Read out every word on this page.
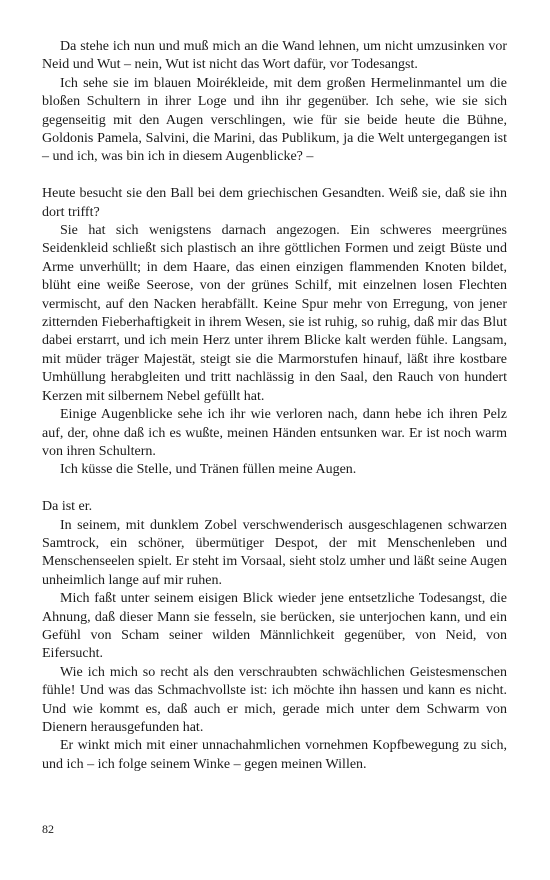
Da stehe ich nun und muß mich an die Wand lehnen, um nicht umzusinken vor Neid und Wut – nein, Wut ist nicht das Wort dafür, vor Todesangst.

Ich sehe sie im blauen Moirékleide, mit dem großen Hermelinmantel um die bloßen Schultern in ihrer Loge und ihn ihr gegenüber. Ich sehe, wie sie sich gegenseitig mit den Augen verschlingen, wie für sie beide heute die Bühne, Goldonis Pamela, Salvini, die Marini, das Publikum, ja die Welt untergegangen ist – und ich, was bin ich in diesem Augenblicke? –

Heute besucht sie den Ball bei dem griechischen Gesandten. Weiß sie, daß sie ihn dort trifft?

Sie hat sich wenigstens darnach angezogen. Ein schweres meergrünes Seidenkleid schließt sich plastisch an ihre göttlichen Formen und zeigt Büste und Arme unverhüllt; in dem Haare, das einen einzigen flammenden Knoten bildet, blüht eine weiße Seerose, von der grünes Schilf, mit einzelnen losen Flechten vermischt, auf den Nacken herabfällt. Keine Spur mehr von Erregung, von jener zitternden Fieberhaftigkeit in ihrem Wesen, sie ist ruhig, so ruhig, daß mir das Blut dabei erstarrt, und ich mein Herz unter ihrem Blicke kalt werden fühle. Langsam, mit müder träger Majestät, steigt sie die Marmorstufen hinauf, läßt ihre kostbare Umhüllung herabgleiten und tritt nachlässig in den Saal, den Rauch von hundert Kerzen mit silbernem Nebel gefüllt hat.

Einige Augenblicke sehe ich ihr wie verloren nach, dann hebe ich ihren Pelz auf, der, ohne daß ich es wußte, meinen Händen entsunken war. Er ist noch warm von ihren Schultern.

Ich küsse die Stelle, und Tränen füllen meine Augen.

Da ist er.

In seinem, mit dunklem Zobel verschwenderisch ausgeschlagenen schwarzen Samtrock, ein schöner, übermütiger Despot, der mit Menschenleben und Menschenseelen spielt. Er steht im Vorsaal, sieht stolz umher und läßt seine Augen unheimlich lange auf mir ruhen.

Mich faßt unter seinem eisigen Blick wieder jene entsetzliche Todesangst, die Ahnung, daß dieser Mann sie fesseln, sie berücken, sie unterjochen kann, und ein Gefühl von Scham seiner wilden Männlichkeit gegenüber, von Neid, von Eifersucht.

Wie ich mich so recht als den verschraubten schwächlichen Geistesmenschen fühle! Und was das Schmachvollste ist: ich möchte ihn hassen und kann es nicht. Und wie kommt es, daß auch er mich, gerade mich unter dem Schwarm von Dienern herausgefunden hat.

Er winkt mich mit einer unnachahmlichen vornehmen Kopfbewegung zu sich, und ich – ich folge seinem Winke – gegen meinen Willen.

82
